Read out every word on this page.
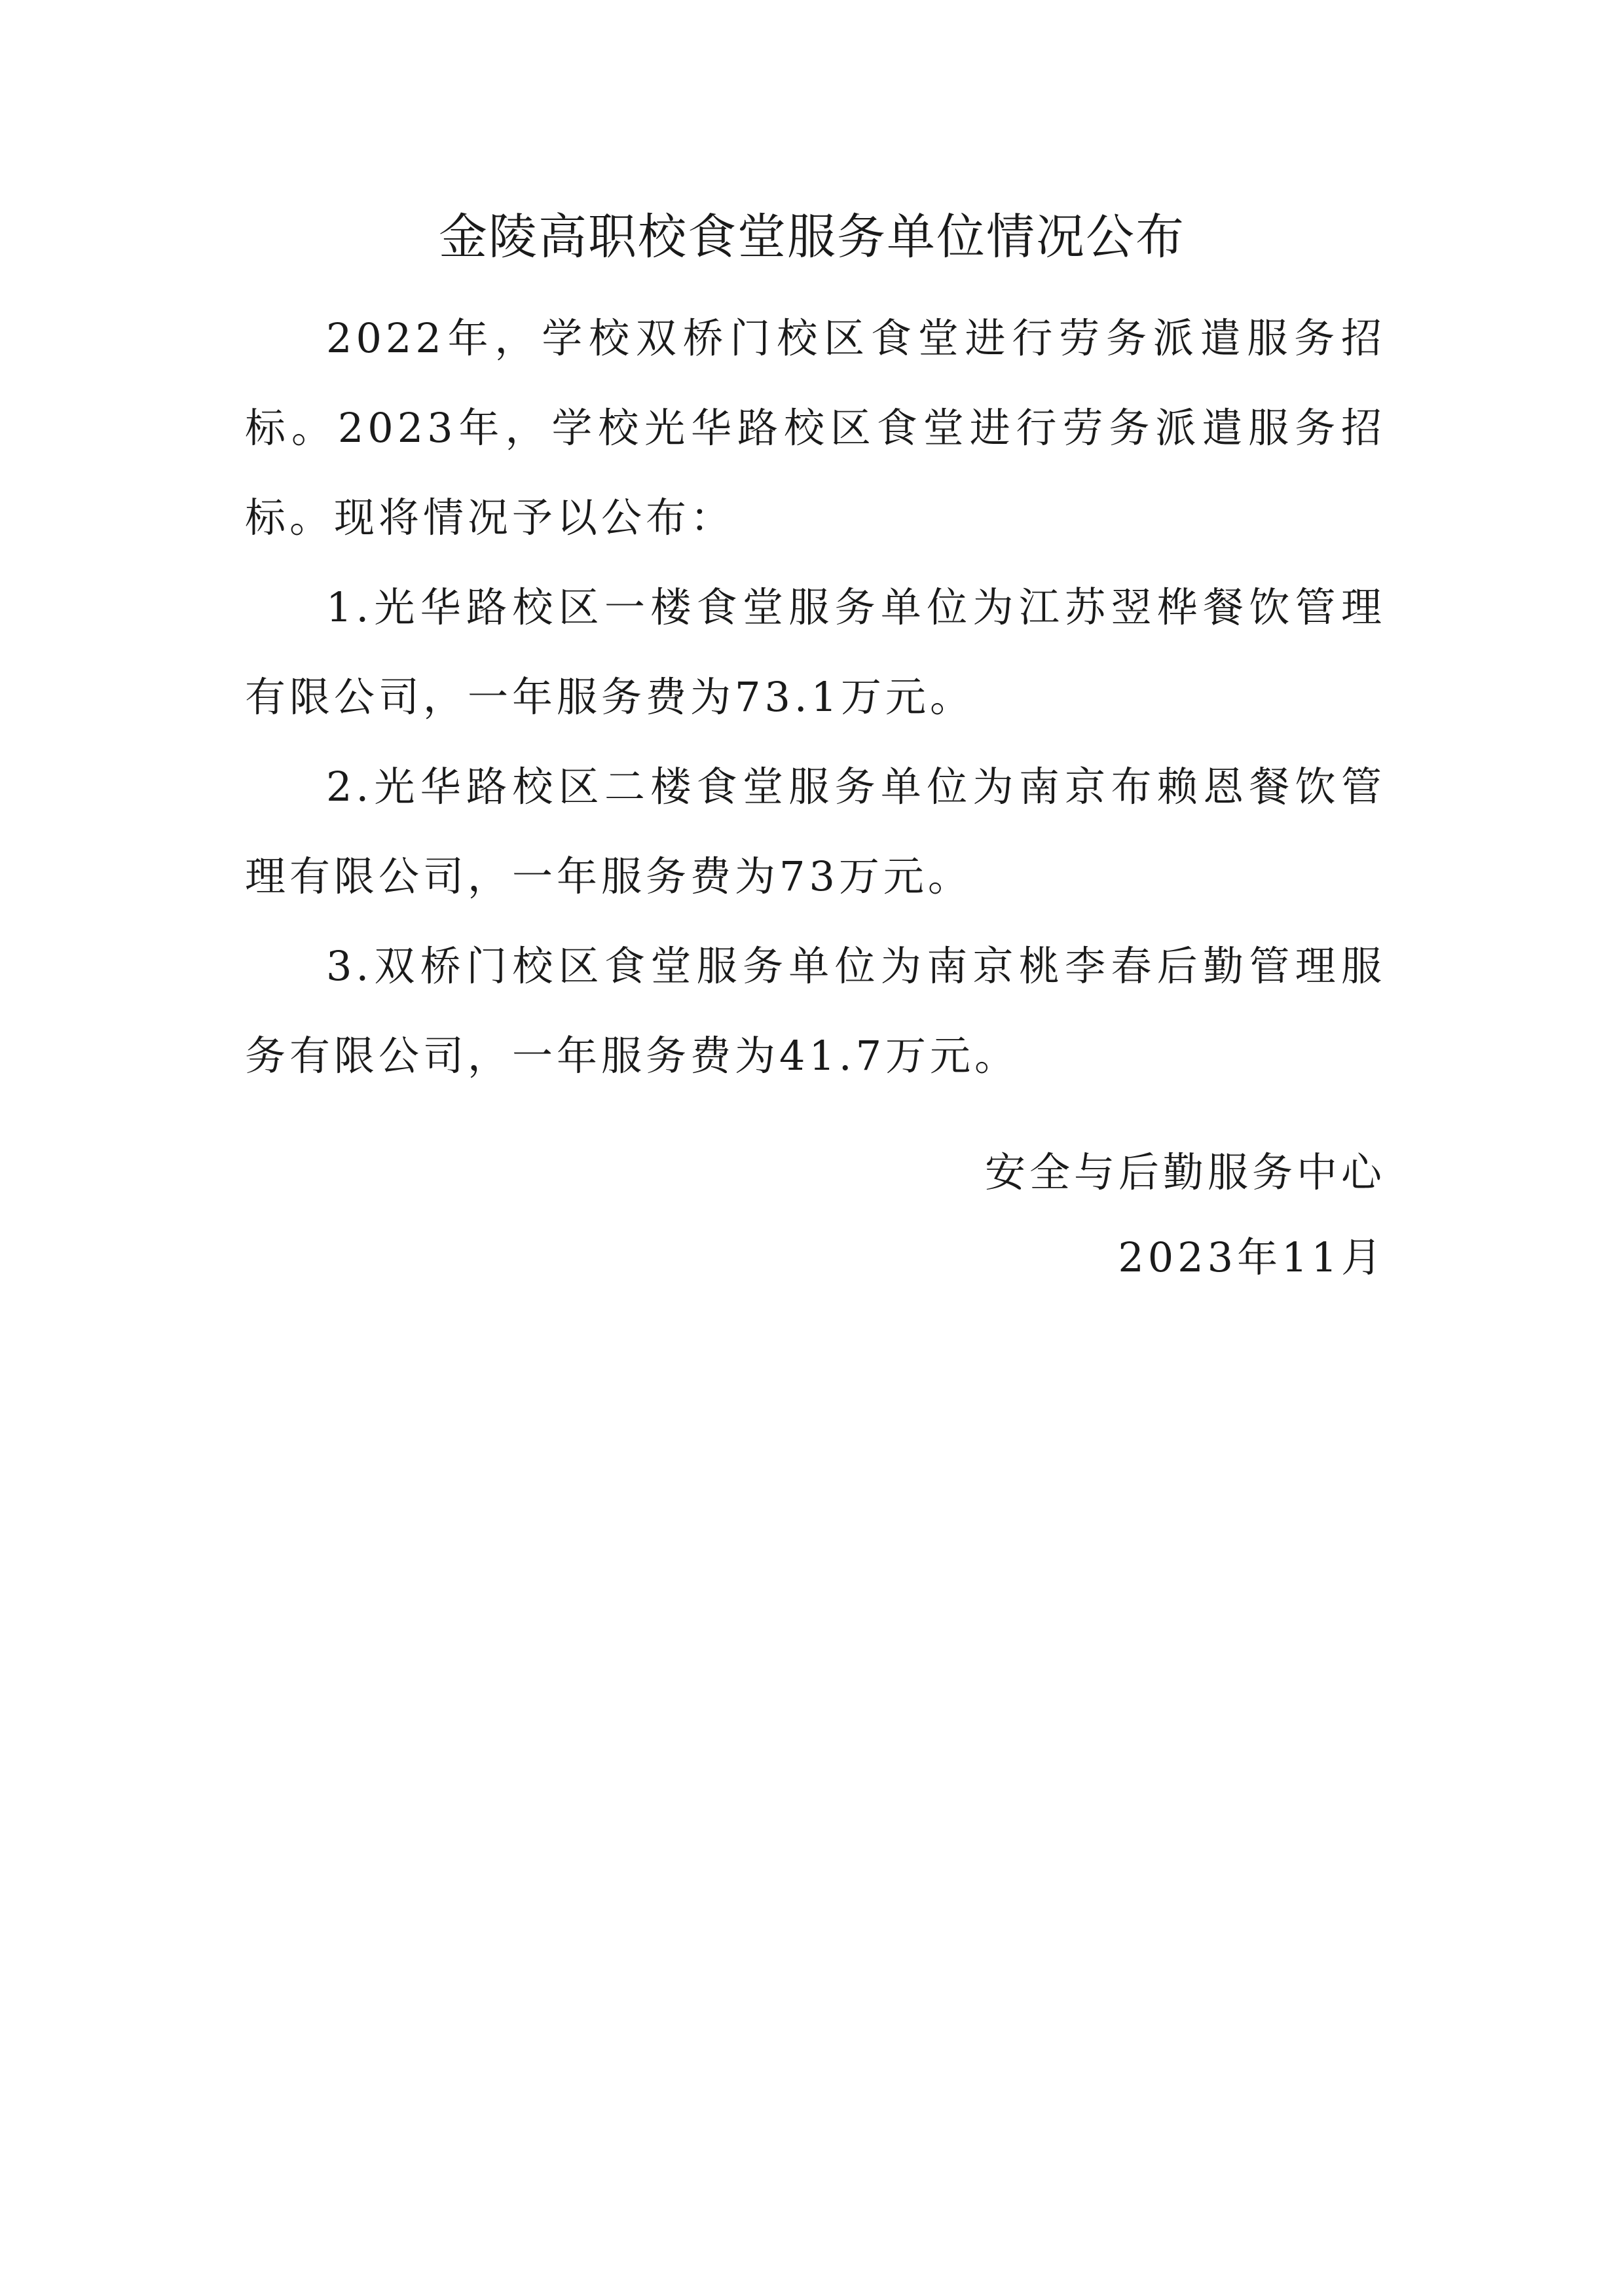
金陵高职校食堂服务单位情况公布

2022年，学校双桥门校区食堂进行劳务派遣服务招标。2023年，学校光华路校区食堂进行劳务派遣服务招标。现将情况予以公布：

1.光华路校区一楼食堂服务单位为江苏翌桦餐饮管理有限公司，一年服务费为73.1万元。

2.光华路校区二楼食堂服务单位为南京布赖恩餐饮管理有限公司，一年服务费为73万元。

3.双桥门校区食堂服务单位为南京桃李春后勤管理服务有限公司，一年服务费为41.7万元。

安全与后勤服务中心
2023年11月
